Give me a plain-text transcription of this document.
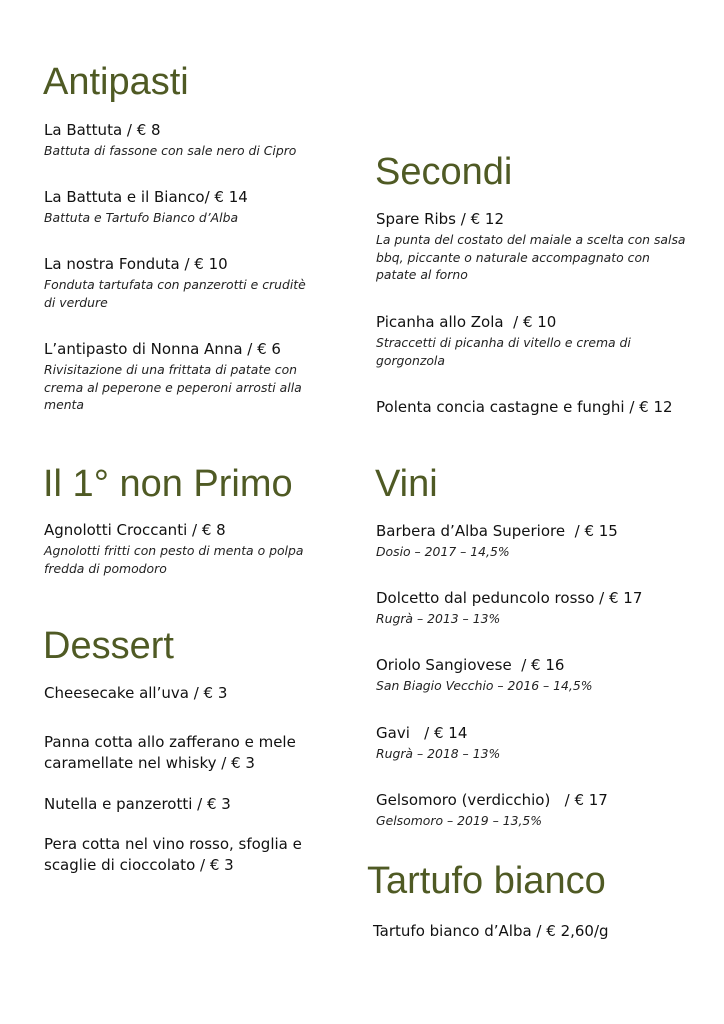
Antipasti
La Battuta / € 8
Battuta di fassone con sale nero di Cipro
La Battuta e il Bianco/ € 14
Battuta e Tartufo Bianco d’Alba
La nostra Fonduta / € 10
Fonduta tartufata con panzerotti e cruditè di verdure
L’antipasto di Nonna Anna / € 6
Rivisitazione di una frittata di patate con crema al peperone e peperoni arrosti alla menta
Il 1° non Primo
Agnolotti Croccanti / € 8
Agnolotti fritti con pesto di menta o polpa fredda di pomodoro
Dessert
Cheesecake all’uva / € 3
Panna cotta allo zafferano e mele caramellate nel whisky / € 3
Nutella e panzerotti / € 3
Pera cotta nel vino rosso, sfoglia e scaglie di cioccolato / € 3
Secondi
Spare Ribs / € 12
La punta del costato del maiale a scelta con salsa bbq, piccante o naturale accompagnato con patate al forno
Picanha allo Zola  / € 10
Straccetti di picanha di vitello e crema di gorgonzola
Polenta concia castagne e funghi / € 12
Vini
Barbera d’Alba Superiore  / € 15
Dosio – 2017 – 14,5%
Dolcetto dal peduncolo rosso / € 17
Rugrà – 2013 – 13%
Oriolo Sangiovese  / € 16
San Biagio Vecchio – 2016 – 14,5%
Gavi   / € 14
Rugrà – 2018 – 13%
Gelsomoro (verdicchio)   / € 17
Gelsomoro – 2019 – 13,5%
Tartufo bianco
Tartufo bianco d’Alba / € 2,60/g
